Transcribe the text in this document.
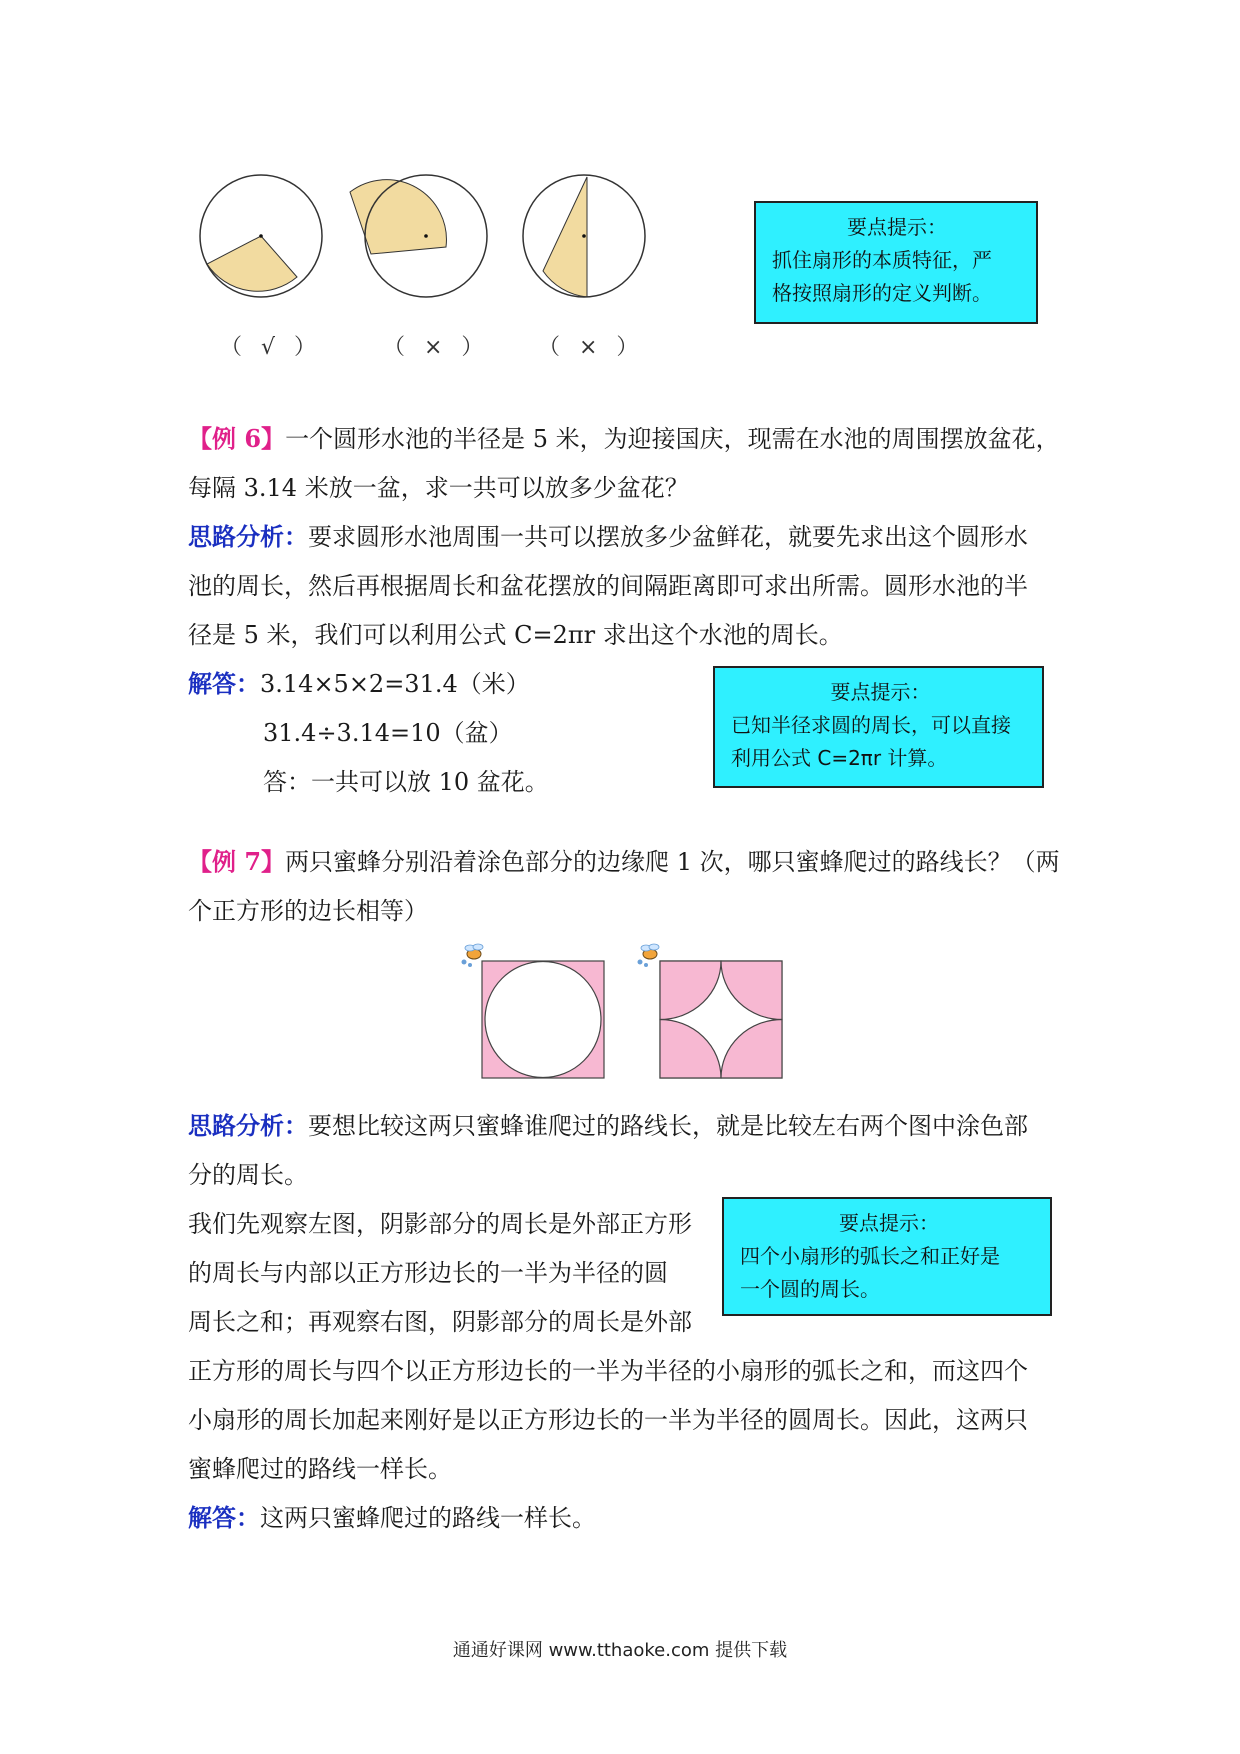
（ √ ）	（ × ） （ × ）
要点提示：
抓住扇形的本质特征，严
格按照扇形的定义判断。
【例 6】一个圆形水池的半径是 5 米，为迎接国庆，现需在水池的周围摆放盆花，
每隔 3.14 米放一盆，求一共可以放多少盆花？
思路分析：要求圆形水池周围一共可以摆放多少盆鲜花，就要先求出这个圆形水
池的周长，然后再根据周长和盆花摆放的间隔距离即可求出所需。圆形水池的半
径是 5 米，我们可以利用公式 C=2πr 求出这个水池的周长。
解答：3.14×5×2=31.4（米）
31.4÷3.14=10（盆）
答：一共可以放 10 盆花。
要点提示：
已知半径求圆的周长，可以直接
利用公式 C=2πr 计算。
【例 7】两只蜜蜂分别沿着涂色部分的边缘爬 1 次，哪只蜜蜂爬过的路线长？（两
个正方形的边长相等）
思路分析：要想比较这两只蜜蜂谁爬过的路线长，就是比较左右两个图中涂色部
分的周长。
我们先观察左图，阴影部分的周长是外部正方形
的周长与内部以正方形边长的一半为半径的圆
周长之和；再观察右图，阴影部分的周长是外部
正方形的周长与四个以正方形边长的一半为半径的小扇形的弧长之和，而这四个
小扇形的周长加起来刚好是以正方形边长的一半为半径的圆周长。因此，这两只
蜜蜂爬过的路线一样长。
解答：这两只蜜蜂爬过的路线一样长。
要点提示：
四个小扇形的弧长之和正好是
一个圆的周长。
通通好课网 www.tthaoke.com 提供下载
